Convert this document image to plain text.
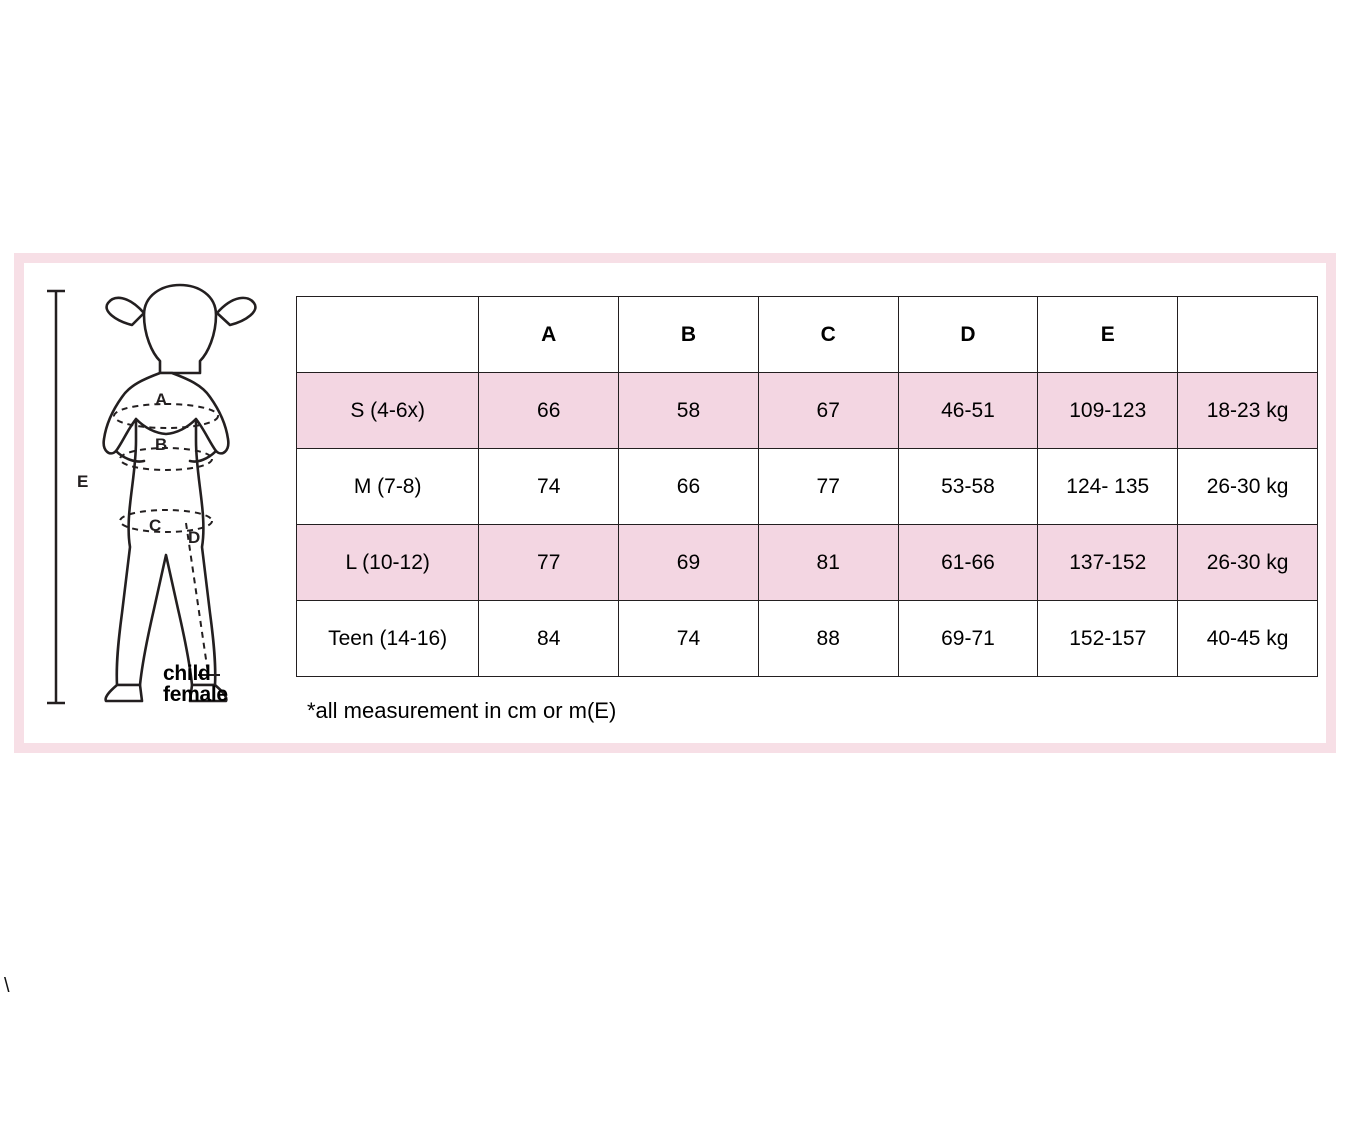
E
A
B
C
D
child
female
	A	B	C	D	E	
S (4-6x)	66	58	67	46-51	109-123	18-23 kg
M (7-8)	74	66	77	53-58	124- 135	26-30 kg
L (10-12)	77	69	81	61-66	137-152	26-30 kg
Teen (14-16)	84	74	88	69-71	152-157	40-45 kg
*all measurement in cm or m(E)
\
